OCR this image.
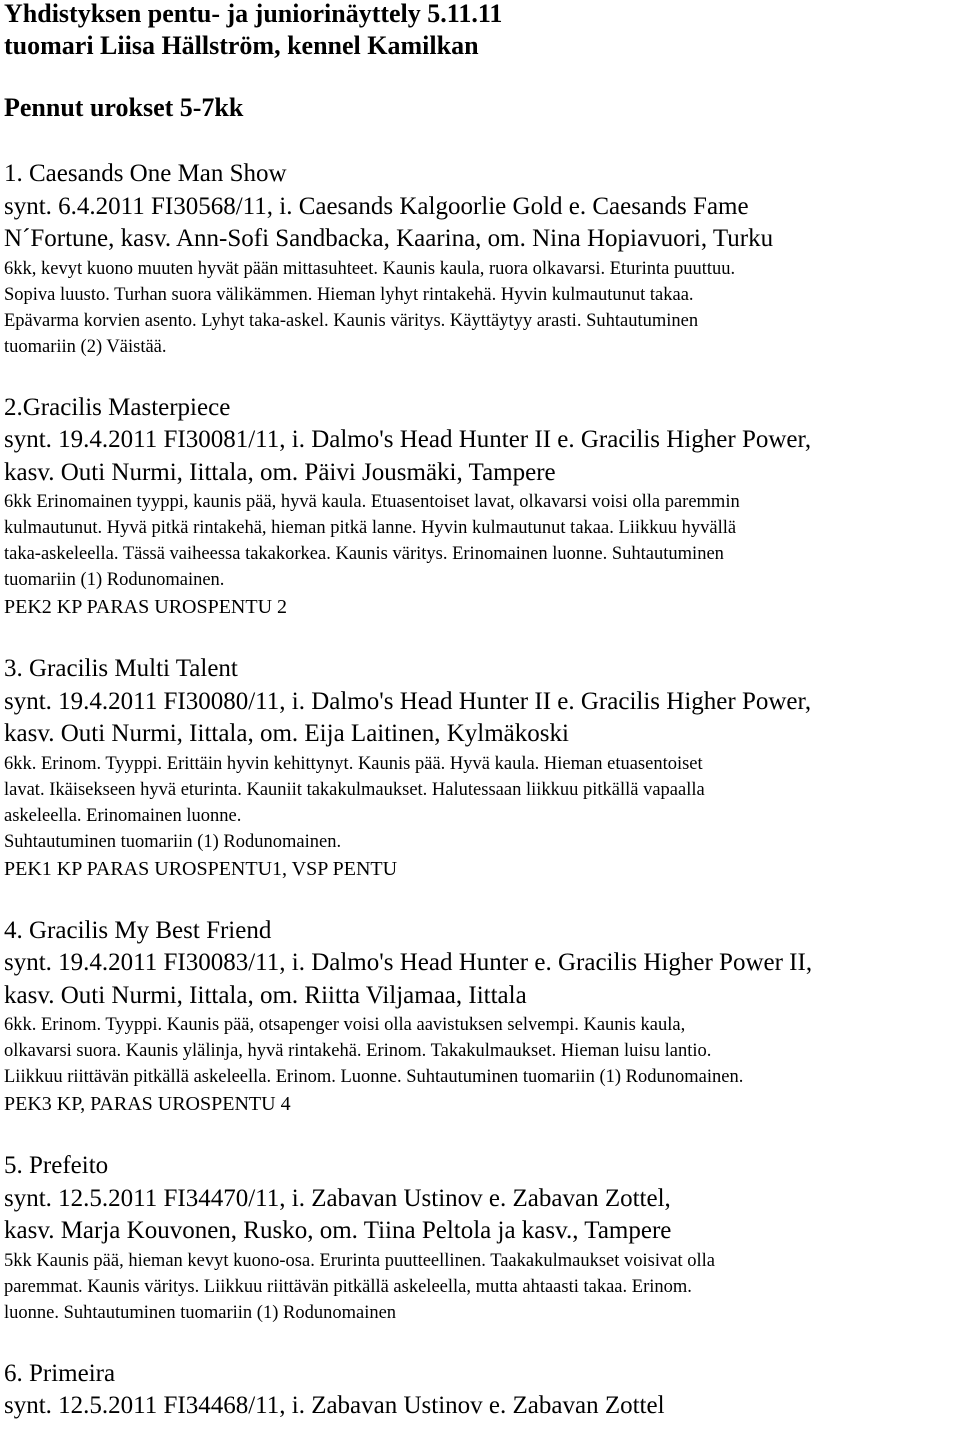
Yhdistyksen pentu- ja juniorinäyttely 5.11.11
tuomari Liisa Hällström, kennel Kamilkan
Pennut urokset 5-7kk
1. Caesands One Man Show
synt. 6.4.2011 FI30568/11, i. Caesands Kalgoorlie Gold e. Caesands Fame
N´Fortune, kasv. Ann-Sofi Sandbacka, Kaarina, om. Nina Hopiavuori, Turku
6kk, kevyt kuono muuten hyvät pään mittasuhteet. Kaunis kaula, ruora olkavarsi. Eturinta puuttuu.
Sopiva luusto. Turhan suora välikämmen. Hieman lyhyt rintakehä. Hyvin kulmautunut takaa.
Epävarma korvien asento. Lyhyt taka-askel. Kaunis väritys. Käyttäytyy arasti. Suhtautuminen
tuomariin (2) Väistää.
2.Gracilis Masterpiece
synt. 19.4.2011 FI30081/11, i. Dalmo's Head Hunter II e. Gracilis Higher Power,
kasv. Outi Nurmi, Iittala, om. Päivi Jousmäki, Tampere
6kk Erinomainen tyyppi, kaunis pää, hyvä kaula. Etuasentoiset lavat, olkavarsi voisi olla paremmin
kulmautunut. Hyvä pitkä rintakehä, hieman pitkä lanne. Hyvin kulmautunut takaa. Liikkuu hyvällä
taka-askeleella. Tässä vaiheessa takakorkea. Kaunis väritys. Erinomainen luonne. Suhtautuminen
tuomariin (1) Rodunomainen.
PEK2 KP PARAS UROSPENTU 2
3. Gracilis Multi Talent
synt. 19.4.2011 FI30080/11, i. Dalmo's Head Hunter II e. Gracilis Higher Power,
kasv. Outi Nurmi, Iittala, om. Eija Laitinen, Kylmäkoski
6kk. Erinom. Tyyppi. Erittäin hyvin kehittynyt. Kaunis pää. Hyvä kaula. Hieman etuasentoiset
lavat. Ikäisekseen hyvä eturinta. Kauniit takakulmaukset. Halutessaan liikkuu pitkällä vapaalla
askeleella. Erinomainen luonne.
Suhtautuminen tuomariin (1) Rodunomainen.
PEK1 KP PARAS UROSPENTU1, VSP PENTU
4. Gracilis My Best Friend
synt. 19.4.2011 FI30083/11, i. Dalmo's Head Hunter e. Gracilis Higher Power II,
kasv. Outi Nurmi, Iittala, om. Riitta Viljamaa, Iittala
6kk. Erinom. Tyyppi. Kaunis pää, otsapenger voisi olla aavistuksen selvempi. Kaunis kaula,
olkavarsi suora. Kaunis ylälinja, hyvä rintakehä. Erinom. Takakulmaukset. Hieman luisu lantio.
Liikkuu riittävän pitkällä askeleella. Erinom. Luonne. Suhtautuminen tuomariin (1) Rodunomainen.
PEK3 KP, PARAS UROSPENTU 4
5. Prefeito
synt. 12.5.2011 FI34470/11, i. Zabavan Ustinov e. Zabavan Zottel,
kasv. Marja Kouvonen, Rusko, om. Tiina Peltola ja kasv., Tampere
5kk Kaunis pää, hieman kevyt kuono-osa. Erurinta puutteellinen. Taakakulmaukset voisivat olla
paremmat. Kaunis väritys. Liikkuu riittävän pitkällä askeleella, mutta ahtaasti takaa. Erinom.
luonne. Suhtautuminen tuomariin (1) Rodunomainen
6. Primeira
synt. 12.5.2011 FI34468/11, i. Zabavan Ustinov e. Zabavan Zottel
